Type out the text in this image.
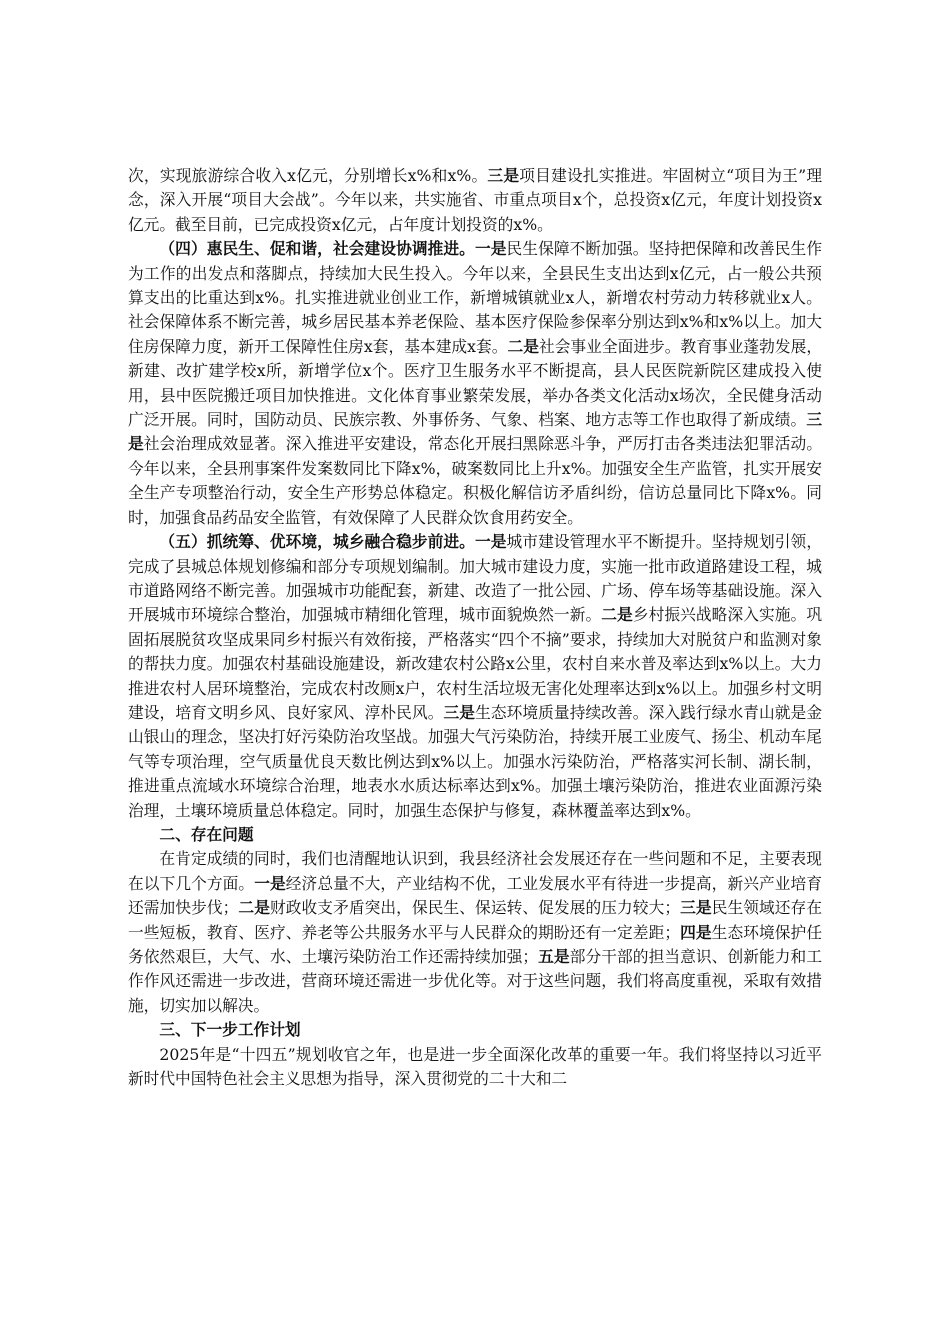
次，实现旅游综合收入x亿元，分别增长x%和x%。三是项目建设扎实推进。牢固树立“项目为王”理念，深入开展“项目大会战”。今年以来，共实施省、市重点项目x个，总投资x亿元，年度计划投资x亿元。截至目前，已完成投资x亿元，占年度计划投资的x%。

（四）惠民生、促和谐，社会建设协调推进。一是民生保障不断加强。坚持把保障和改善民生作为工作的出发点和落脚点，持续加大民生投入。今年以来，全县民生支出达到x亿元，占一般公共预算支出的比重达到x%。扎实推进就业创业工作，新增城镇就业x人，新增农村劳动力转移就业x人。社会保障体系不断完善，城乡居民基本养老保险、基本医疗保险参保率分别达到x%和x%以上。加大住房保障力度，新开工保障性住房x套，基本建成x套。二是社会事业全面进步。教育事业蓬勃发展，新建、改扩建学校x所，新增学位x个。医疗卫生服务水平不断提高，县人民医院新院区建成投入使用，县中医院搬迁项目加快推进。文化体育事业繁荣发展，举办各类文化活动x场次，全民健身活动广泛开展。同时，国防动员、民族宗教、外事侨务、气象、档案、地方志等工作也取得了新成绩。三是社会治理成效显著。深入推进平安建设，常态化开展扫黑除恶斗争，严厉打击各类违法犯罪活动。今年以来，全县刑事案件发案数同比下降x%，破案数同比上升x%。加强安全生产监管，扎实开展安全生产专项整治行动，安全生产形势总体稳定。积极化解信访矛盾纠纷，信访总量同比下降x%。同时，加强食品药品安全监管，有效保障了人民群众饮食用药安全。

（五）抓统筹、优环境，城乡融合稳步前进。一是城市建设管理水平不断提升。坚持规划引领，完成了县城总体规划修编和部分专项规划编制。加大城市建设力度，实施一批市政道路建设工程，城市道路网络不断完善。加强城市功能配套，新建、改造了一批公园、广场、停车场等基础设施。深入开展城市环境综合整治，加强城市精细化管理，城市面貌焕然一新。二是乡村振兴战略深入实施。巩固拓展脱贫攻坚成果同乡村振兴有效衔接，严格落实“四个不摘”要求，持续加大对脱贫户和监测对象的帮扶力度。加强农村基础设施建设，新改建农村公路x公里，农村自来水普及率达到x%以上。大力推进农村人居环境整治，完成农村改厕x户，农村生活垃圾无害化处理率达到x%以上。加强乡村文明建设，培育文明乡风、良好家风、淳朴民风。三是生态环境质量持续改善。深入践行绿水青山就是金山银山的理念，坚决打好污染防治攻坚战。加强大气污染防治，持续开展工业废气、扬尘、机动车尾气等专项治理，空气质量优良天数比例达到x%以上。加强水污染防治，严格落实河长制、湖长制，推进重点流域水环境综合治理，地表水水质达标率达到x%。加强土壤污染防治，推进农业面源污染治理，土壤环境质量总体稳定。同时，加强生态保护与修复，森林覆盖率达到x%。

二、存在问题

在肯定成绩的同时，我们也清醒地认识到，我县经济社会发展还存在一些问题和不足，主要表现在以下几个方面。一是经济总量不大，产业结构不优，工业发展水平有待进一步提高，新兴产业培育还需加快步伐；二是财政收支矛盾突出，保民生、保运转、促发展的压力较大；三是民生领域还存在一些短板，教育、医疗、养老等公共服务水平与人民群众的期盼还有一定差距；四是生态环境保护任务依然艰巨，大气、水、土壤污染防治工作还需持续加强；五是部分干部的担当意识、创新能力和工作作风还需进一步改进，营商环境还需进一步优化等。对于这些问题，我们将高度重视，采取有效措施，切实加以解决。

三、下一步工作计划

2025年是“十四五”规划收官之年，也是进一步全面深化改革的重要一年。我们将坚持以习近平新时代中国特色社会主义思想为指导，深入贯彻党的二十大和二
